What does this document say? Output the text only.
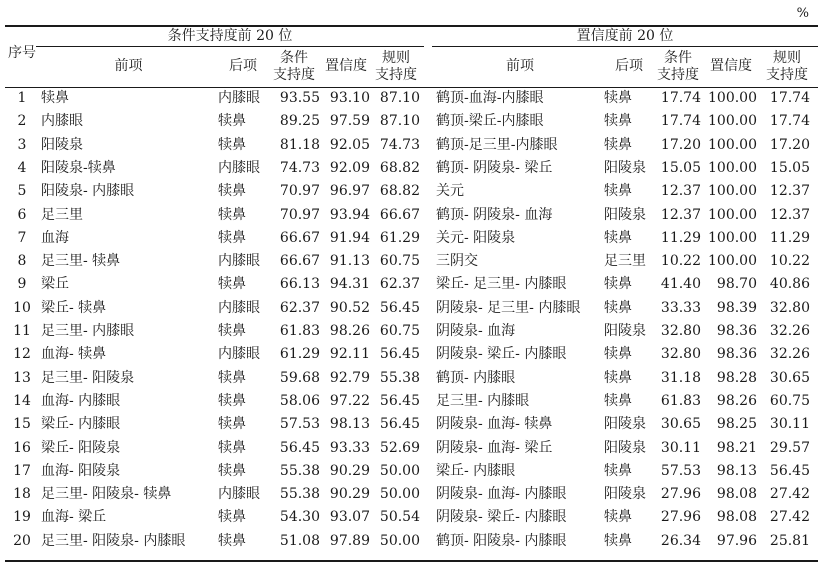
%
条件支持度前 20 位	置信度前 20 位
序号
前项	后项	条件
支持度
置信度	规则
支持度
前项	后项	条件
支持度
置信度	规则
支持度
1	犊鼻	内膝眼	93.55 93.10 87.10 鹤顶-血海-内膝眼	犊鼻	17.74 100.00 17.74
2	内膝眼	犊鼻	89.25 97.59 87.10 鹤顶-梁丘-内膝眼	犊鼻	17.74 100.00 17.74
3	阳陵泉	犊鼻	81.18 92.05 74.73 鹤顶-足三里-内膝眼	犊鼻	17.20 100.00 17.20
4	阳陵泉-犊鼻	内膝眼	74.73 92.09 68.82 鹤顶- 阴陵泉- 梁丘	阳陵泉	15.05 100.00 15.05
5	阳陵泉- 内膝眼	犊鼻	70.97 96.97 68.82 关元	犊鼻	12.37 100.00 12.37
6	足三里	犊鼻	70.97 93.94 66.67 鹤顶- 阴陵泉- 血海	阳陵泉	12.37 100.00 12.37
7	血海	犊鼻	66.67 91.94 61.29 关元- 阳陵泉	犊鼻	11.29 100.00 11.29
8	足三里- 犊鼻	内膝眼	66.67 91.13 60.75 三阴交	足三里	10.22 100.00 10.22
9	梁丘	犊鼻	66.13 94.31 62.37 梁丘- 足三里- 内膝眼	犊鼻	41.40	98.70 40.86
10 梁丘- 犊鼻	内膝眼	62.37 90.52 56.45 阴陵泉- 足三里- 内膝眼	犊鼻	33.33	98.39 32.80
11 足三里- 内膝眼	犊鼻	61.83 98.26 60.75 阴陵泉- 血海	阳陵泉	32.80	98.36 32.26
12 血海- 犊鼻	内膝眼	61.29 92.11 56.45 阴陵泉- 梁丘- 内膝眼	犊鼻	32.80	98.36 32.26
13 足三里- 阳陵泉	犊鼻	59.68 92.79 55.38 鹤顶- 内膝眼	犊鼻	31.18	98.28 30.65
14 血海- 内膝眼	犊鼻	58.06 97.22 56.45 足三里- 内膝眼	犊鼻	61.83	98.26 60.75
15 梁丘- 内膝眼	犊鼻	57.53 98.13 56.45 阴陵泉- 血海- 犊鼻	阳陵泉	30.65	98.25 30.11
16 梁丘- 阳陵泉	犊鼻	56.45 93.33 52.69 阴陵泉- 血海- 梁丘	阳陵泉	30.11	98.21 29.57
17 血海- 阳陵泉	犊鼻	55.38 90.29 50.00 梁丘- 内膝眼	犊鼻	57.53	98.13 56.45
18 足三里- 阳陵泉- 犊鼻	内膝眼	55.38 90.29 50.00 阴陵泉- 血海- 内膝眼	阳陵泉	27.96	98.08 27.42
19 血海- 梁丘	犊鼻	54.30 93.07 50.54 阴陵泉- 梁丘- 内膝眼	犊鼻	27.96	98.08 27.42
20 足三里- 阳陵泉- 内膝眼	犊鼻	51.08 97.89 50.00 鹤顶- 阳陵泉- 内膝眼	犊鼻	26.34	97.96 25.81
